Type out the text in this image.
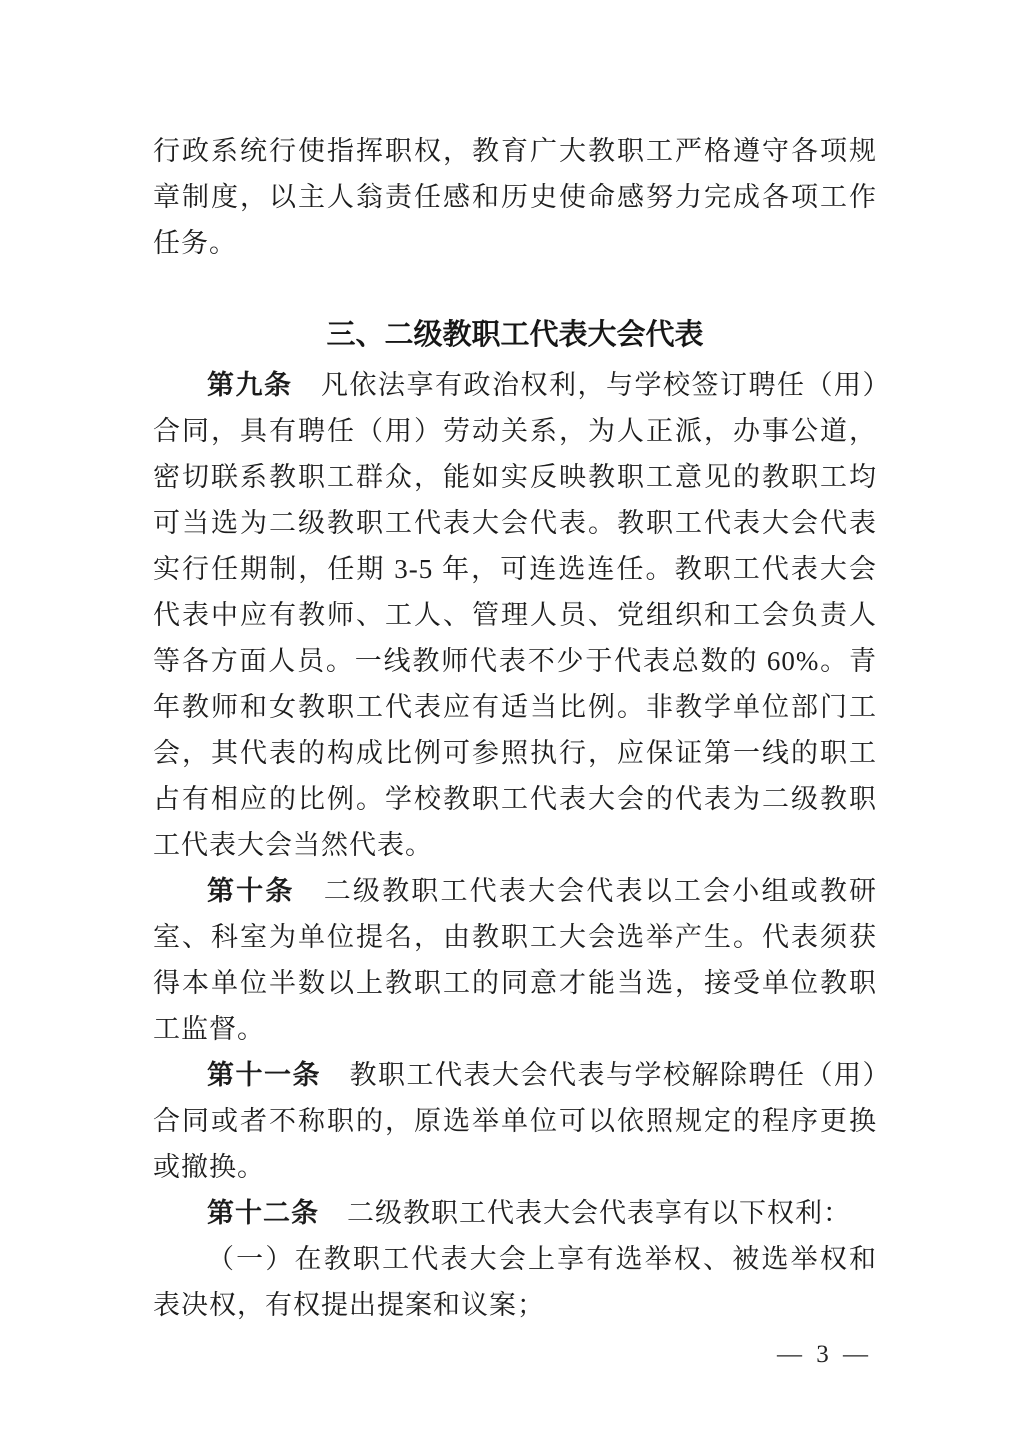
行政系统行使指挥职权，教育广大教职工严格遵守各项规章制度，以主人翁责任感和历史使命感努力完成各项工作任务。

三、二级教职工代表大会代表

第九条　凡依法享有政治权利，与学校签订聘任（用）合同，具有聘任（用）劳动关系，为人正派，办事公道，密切联系教职工群众，能如实反映教职工意见的教职工均可当选为二级教职工代表大会代表。教职工代表大会代表实行任期制，任期 3-5 年，可连选连任。教职工代表大会代表中应有教师、工人、管理人员、党组织和工会负责人等各方面人员。一线教师代表不少于代表总数的 60%。青年教师和女教职工代表应有适当比例。非教学单位部门工会，其代表的构成比例可参照执行，应保证第一线的职工占有相应的比例。学校教职工代表大会的代表为二级教职工代表大会当然代表。

第十条　二级教职工代表大会代表以工会小组或教研室、科室为单位提名，由教职工大会选举产生。代表须获得本单位半数以上教职工的同意才能当选，接受单位教职工监督。

第十一条　教职工代表大会代表与学校解除聘任（用）合同或者不称职的，原选举单位可以依照规定的程序更换或撤换。

第十二条　二级教职工代表大会代表享有以下权利：

（一）在教职工代表大会上享有选举权、被选举权和表决权，有权提出提案和议案；

— 3 —
